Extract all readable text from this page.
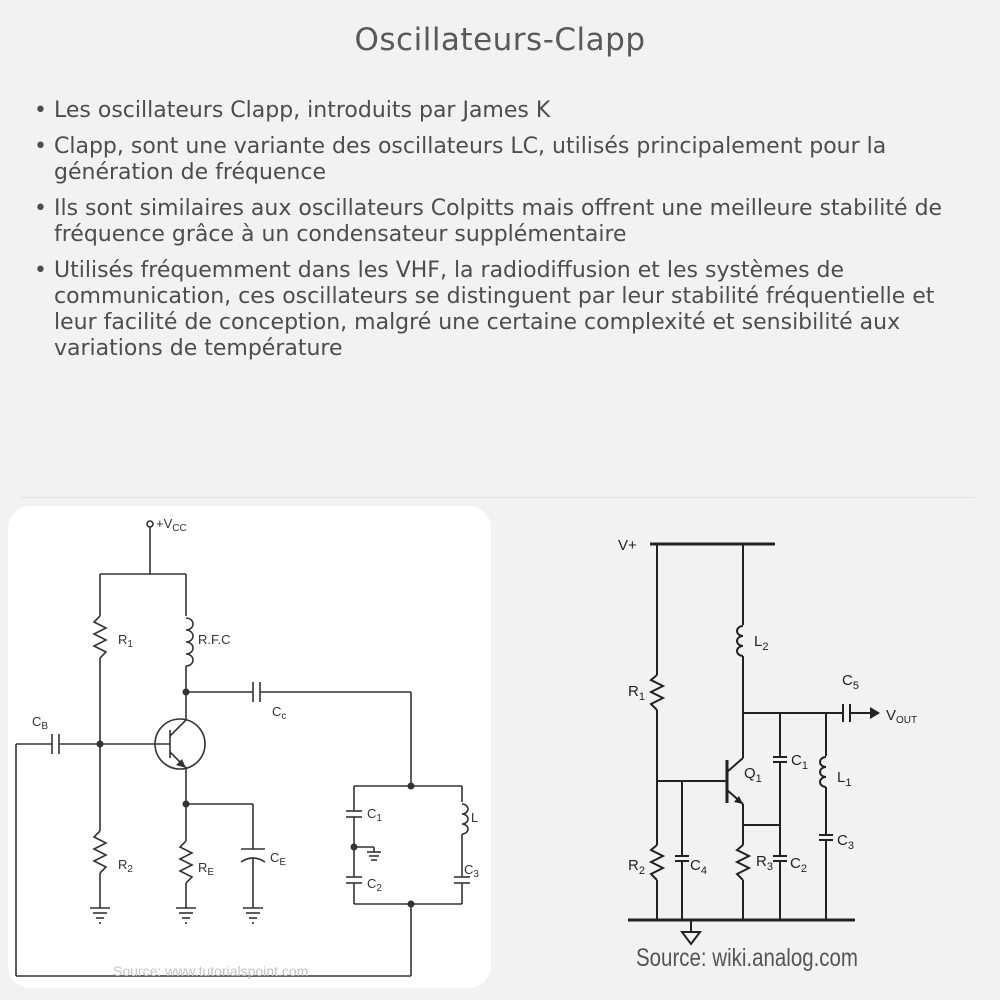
Oscillateurs-Clapp
• Les oscillateurs Clapp, introduits par James K
• Clapp, sont une variante des oscillateurs LC, utilisés principalement pour la génération de fréquence
• Ils sont similaires aux oscillateurs Colpitts mais offrent une meilleure stabilité de fréquence grâce à un condensateur supplémentaire
• Utilisés fréquemment dans les VHF, la radiodiffusion et les systèmes de communication, ces oscillateurs se distinguent par leur stabilité fréquentielle et leur facilité de conception, malgré une certaine complexité et sensibilité aux variations de température
$+V_{CC}$
$R_1$	R.F.C
$C_B$
$C_c$
$R_2$	$R_E$
$C_E$
$C_1$
$C_2$
L
$C_3$
Source: www.tutorialspoint.com
V+
$L_2$
$R_1$
$C_5$
$V_{OUT}$
$C_1$
$Q_1$	$L_1$
$C_3$
$R_2$	$C_4$
$R_3$ $C_2$
Source: wiki.analog.com
